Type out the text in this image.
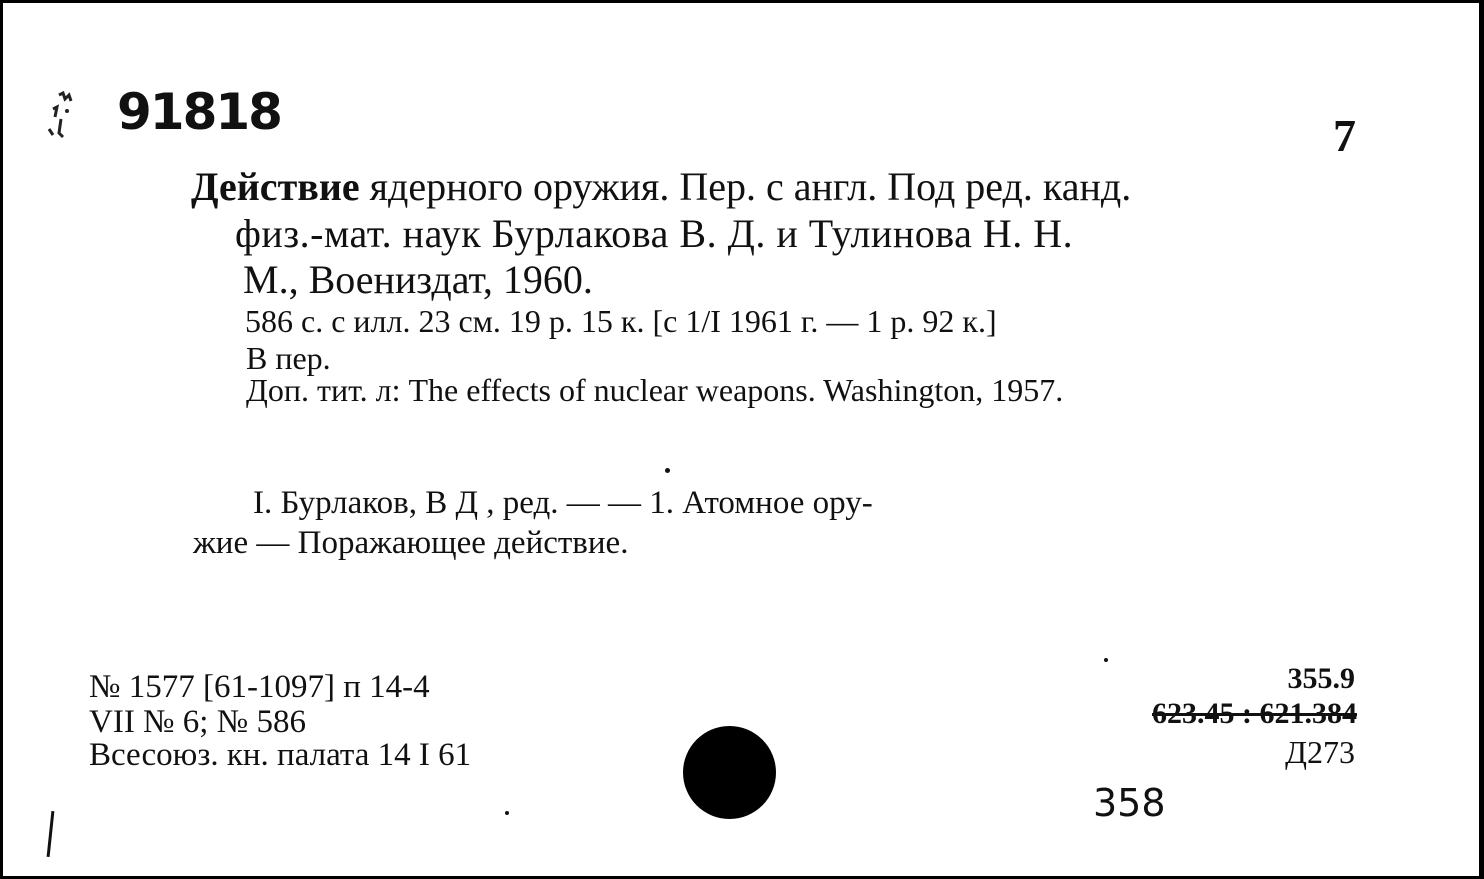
91818	7
Действие ядерного оружия. Пер. с англ. Под ред. канд.
физ.-мат. наук Бурлакова В. Д. и Тулинова Н. Н.
М., Воениздат, 1960.
586 с. с илл. 23 см. 19 р. 15 к. [с 1/I 1961 г. — 1 р. 92 к.]
В пер.
Доп. тит. л: The effects of nuclear weapons. Washington, 1957.
I. Бурлаков, В Д , ред. — — 1. Атомное ору-
жие — Поражающее действие.
№ 1577 [61-1097] п 14-4
VII № 6; № 586
Всесоюз. кн. палата 14 I 61
355.9
623.45 : 621.384
Д273
358
